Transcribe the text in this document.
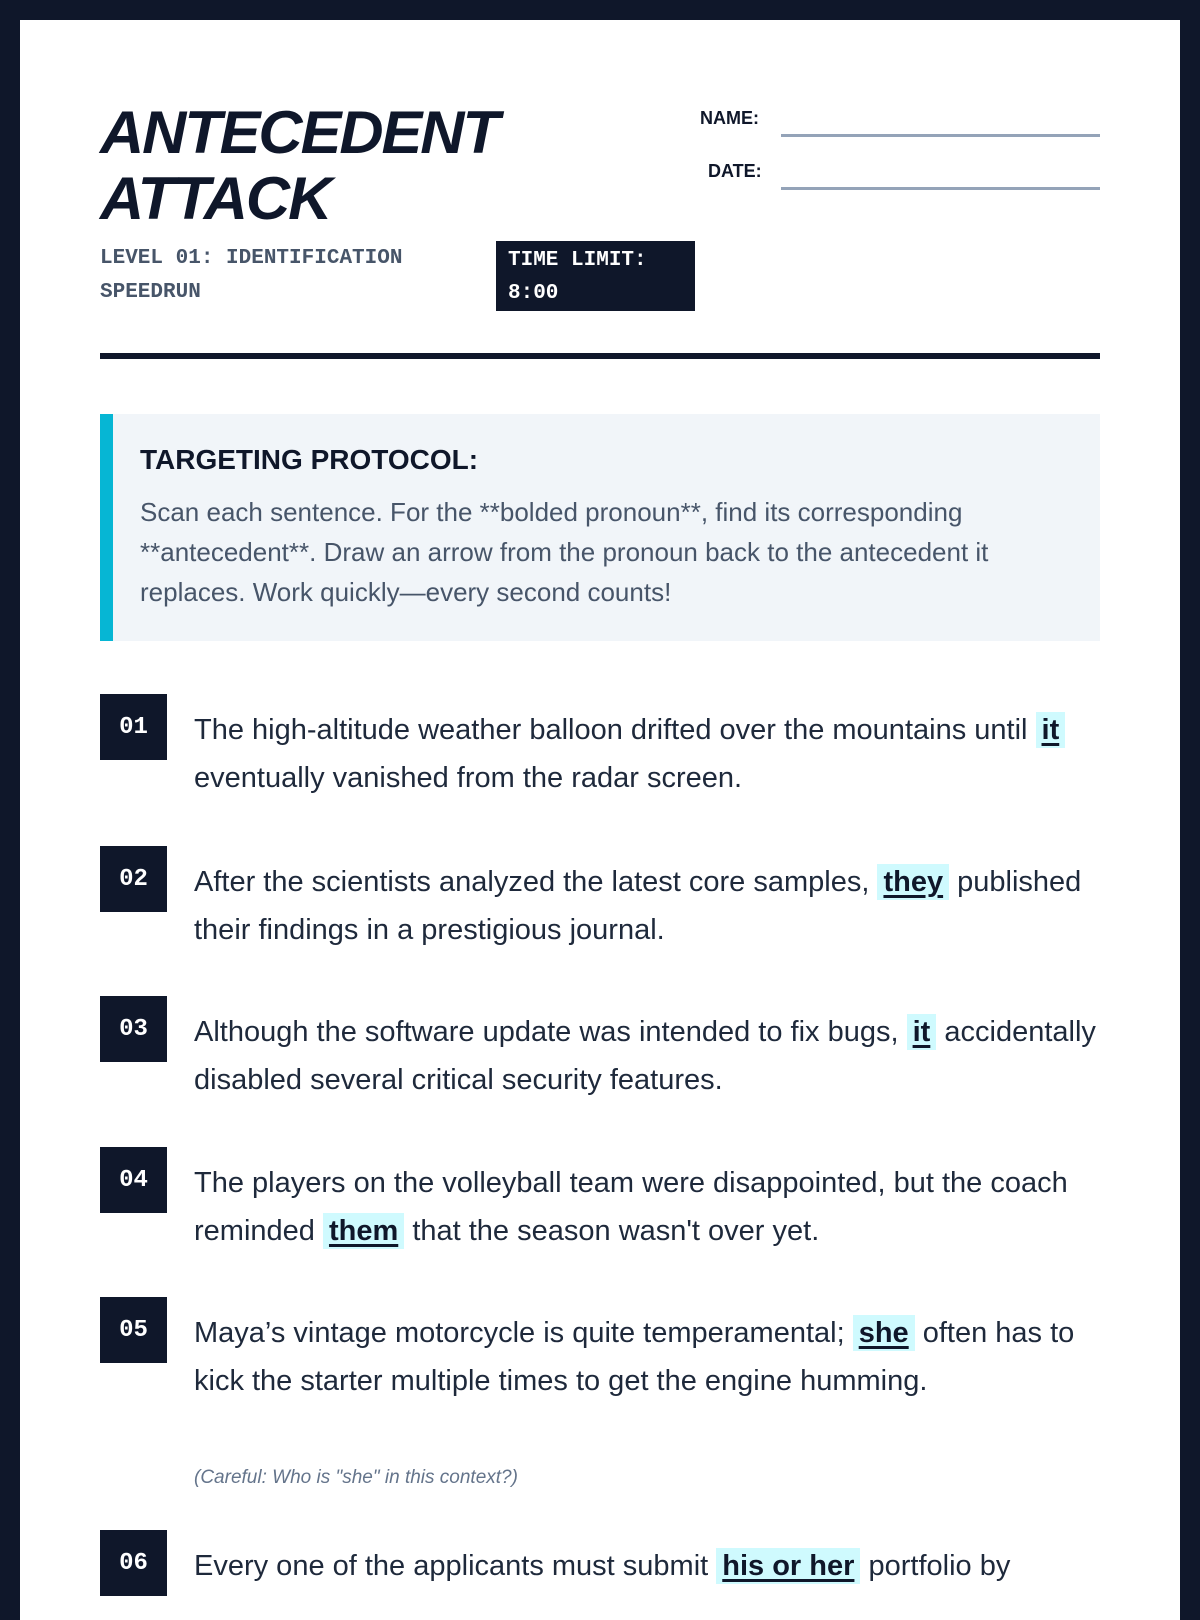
ANTECEDENT
ATTACK
LEVEL 01: IDENTIFICATION SPEEDRUN
TIME LIMIT: 8:00
NAME:
DATE:
TARGETING PROTOCOL:

Scan each sentence. For the **bolded pronoun**, find its corresponding **antecedent**. Draw an arrow from the pronoun back to the antecedent it replaces. Work quickly—every second counts!

01	The high-altitude weather balloon drifted over the mountains until it eventually vanished from the radar screen.

02	After the scientists analyzed the latest core samples, they published their findings in a prestigious journal.

03	Although the software update was intended to fix bugs, it accidentally disabled several critical security features.

04	The players on the volleyball team were disappointed, but the coach reminded them that the season wasn't over yet.

05	Maya’s vintage motorcycle is quite temperamental; she often has to kick the starter multiple times to get the engine humming.

(Careful: Who is "she" in this context?)
06	Every one of the applicants must submit his or her portfolio by
